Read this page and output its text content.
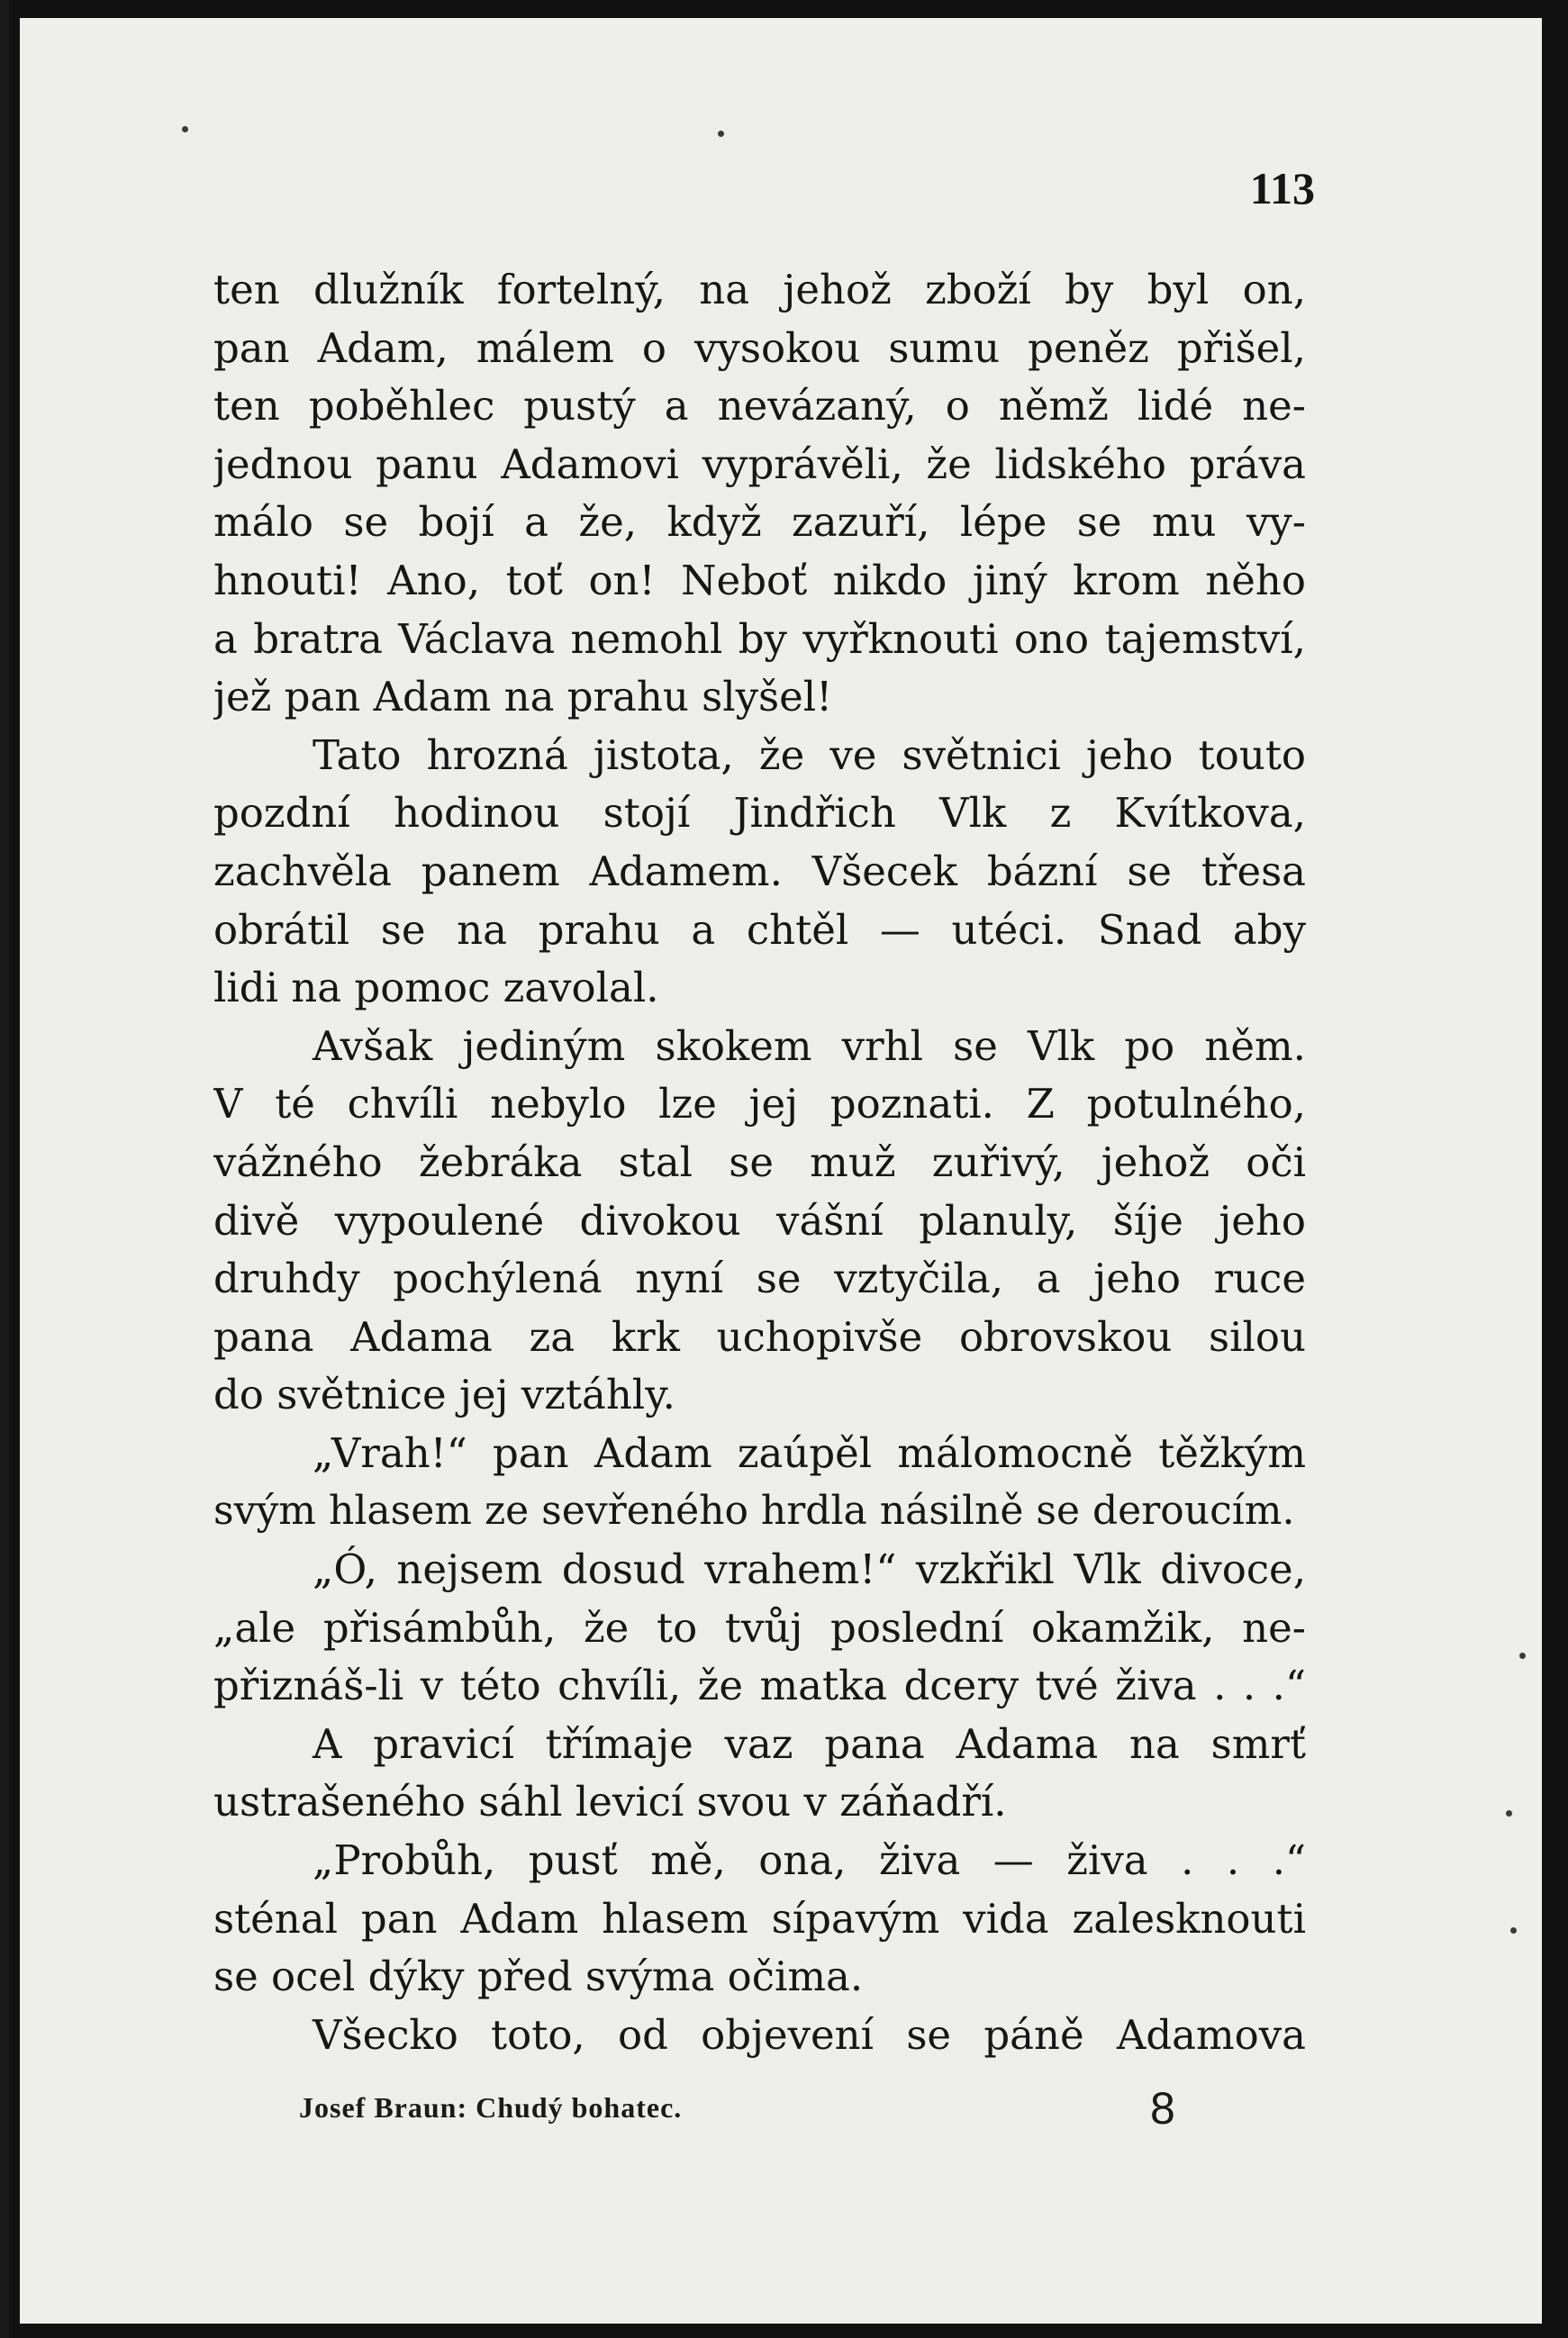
113
ten dlužník fortelný, na jehož zboží by byl on,
pan Adam, málem o vysokou sumu peněz přišel,
ten poběhlec pustý a nevázaný, o němž lidé ne-
jednou panu Adamovi vyprávěli, že lidského práva
málo se bojí a že, když zazuří, lépe se mu vy-
hnouti! Ano, toť on! Neboť nikdo jiný krom něho
a bratra Václava nemohl by vyřknouti ono tajemství,
jež pan Adam na prahu slyšel!
Tato hrozná jistota, že ve světnici jeho touto
pozdní hodinou stojí Jindřich Vlk z Kvítkova,
zachvěla panem Adamem. Všecek bázní se třesa
obrátil se na prahu a chtěl — utéci. Snad aby
lidi na pomoc zavolal.
Avšak jediným skokem vrhl se Vlk po něm.
V té chvíli nebylo lze jej poznati. Z potulného,
vážného žebráka stal se muž zuřivý, jehož oči
divě vypoulené divokou vášní planuly, šíje jeho
druhdy pochýlená nyní se vztyčila, a jeho ruce
pana Adama za krk uchopivše obrovskou silou
do světnice jej vztáhly.
„Vrah!“ pan Adam zaúpěl málomocně těžkým
svým hlasem ze sevřeného hrdla násilně se deroucím.
„Ó, nejsem dosud vrahem!“ vzkřikl Vlk divoce,
„ale přisámbůh, že to tvůj poslední okamžik, ne-
přiznáš-li v této chvíli, že matka dcery tvé živa . . .“
A pravicí třímaje vaz pana Adama na smrť
ustrašeného sáhl levicí svou v záňadří.
„Probůh, pusť mě, ona, živa — živa . . .“
sténal pan Adam hlasem sípavým vida zalesknouti
se ocel dýky před svýma očima.
Všecko toto, od objevení se páně Adamova
Josef Braun: Chudý bohatec.	8
